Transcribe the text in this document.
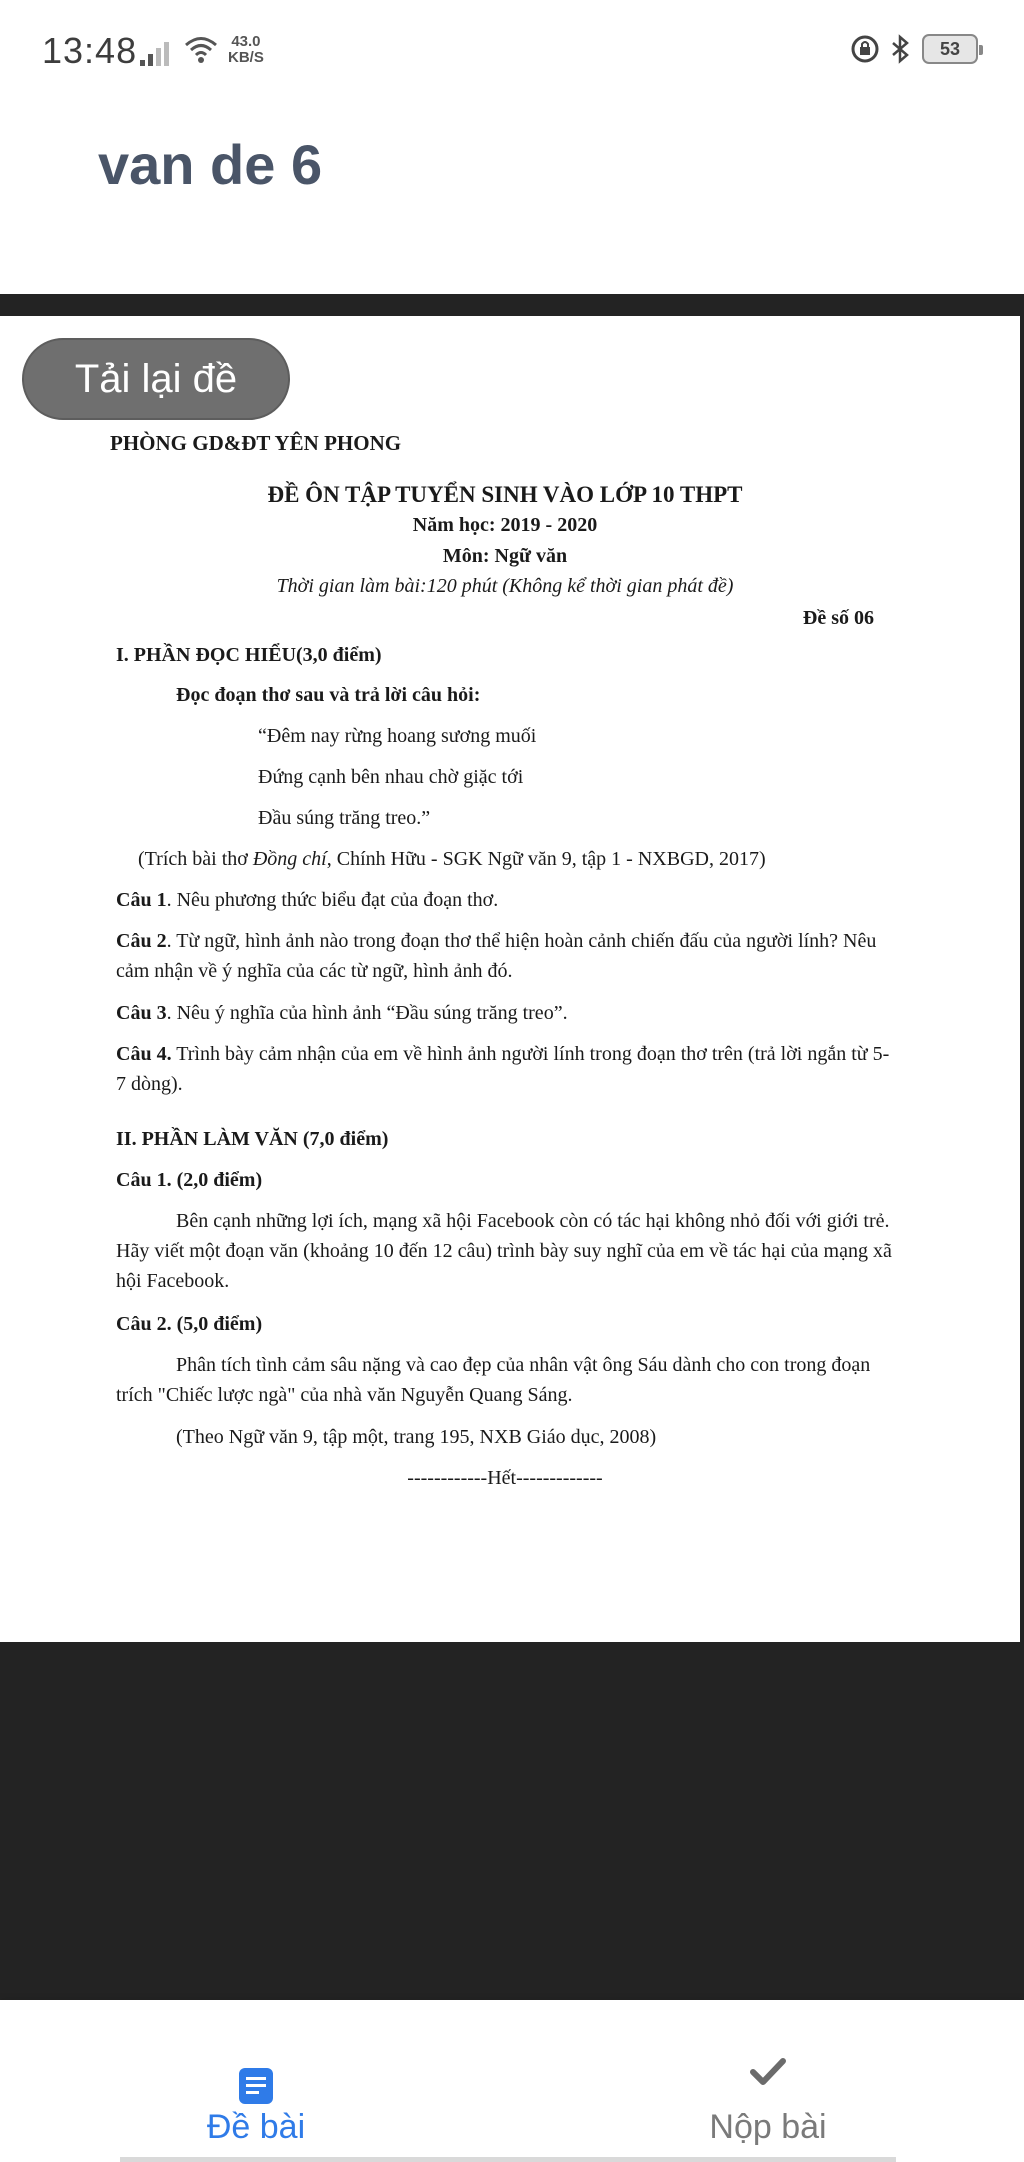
13:48	43.0
KB/S	53
van de 6

PHÒNG GD&ĐT YÊN PHONG

ĐỀ ÔN TẬP TUYỂN SINH VÀO LỚP 10 THPT

Năm học: 2019 - 2020

Môn: Ngữ văn

Thời gian làm bài:120 phút (Không kể thời gian phát đề)

Đề số 06

I. PHẦN ĐỌC HIỂU(3,0 điểm)

Đọc đoạn thơ sau và trả lời câu hỏi:

“Đêm nay rừng hoang sương muối

Đứng cạnh bên nhau chờ giặc tới

Đầu súng trăng treo.”

(Trích bài thơ Đồng chí, Chính Hữu - SGK Ngữ văn 9, tập 1 - NXBGD, 2017)

Câu 1. Nêu phương thức biểu đạt của đoạn thơ.

Câu 2. Từ ngữ, hình ảnh nào trong đoạn thơ thể hiện hoàn cảnh chiến đấu của người lính? Nêu cảm nhận về ý nghĩa của các từ ngữ, hình ảnh đó.

Câu 3. Nêu ý nghĩa của hình ảnh “Đầu súng trăng treo”.

Câu 4. Trình bày cảm nhận của em về hình ảnh người lính trong đoạn thơ trên (trả lời ngắn từ 5-7 dòng).

II. PHẦN LÀM VĂN (7,0 điểm)

Câu 1. (2,0 điểm)

Bên cạnh những lợi ích, mạng xã hội Facebook còn có tác hại không nhỏ đối với giới trẻ. Hãy viết một đoạn văn (khoảng 10 đến 12 câu) trình bày suy nghĩ của em về tác hại của mạng xã hội Facebook.

Câu 2. (5,0 điểm)

Phân tích tình cảm sâu nặng và cao đẹp của nhân vật ông Sáu dành cho con trong đoạn trích "Chiếc lược ngà" của nhà văn Nguyễn Quang Sáng.

(Theo Ngữ văn 9, tập một, trang 195, NXB Giáo dục, 2008)

------------Hết-------------

Tải lại đề
Đề bài	Nộp bài
